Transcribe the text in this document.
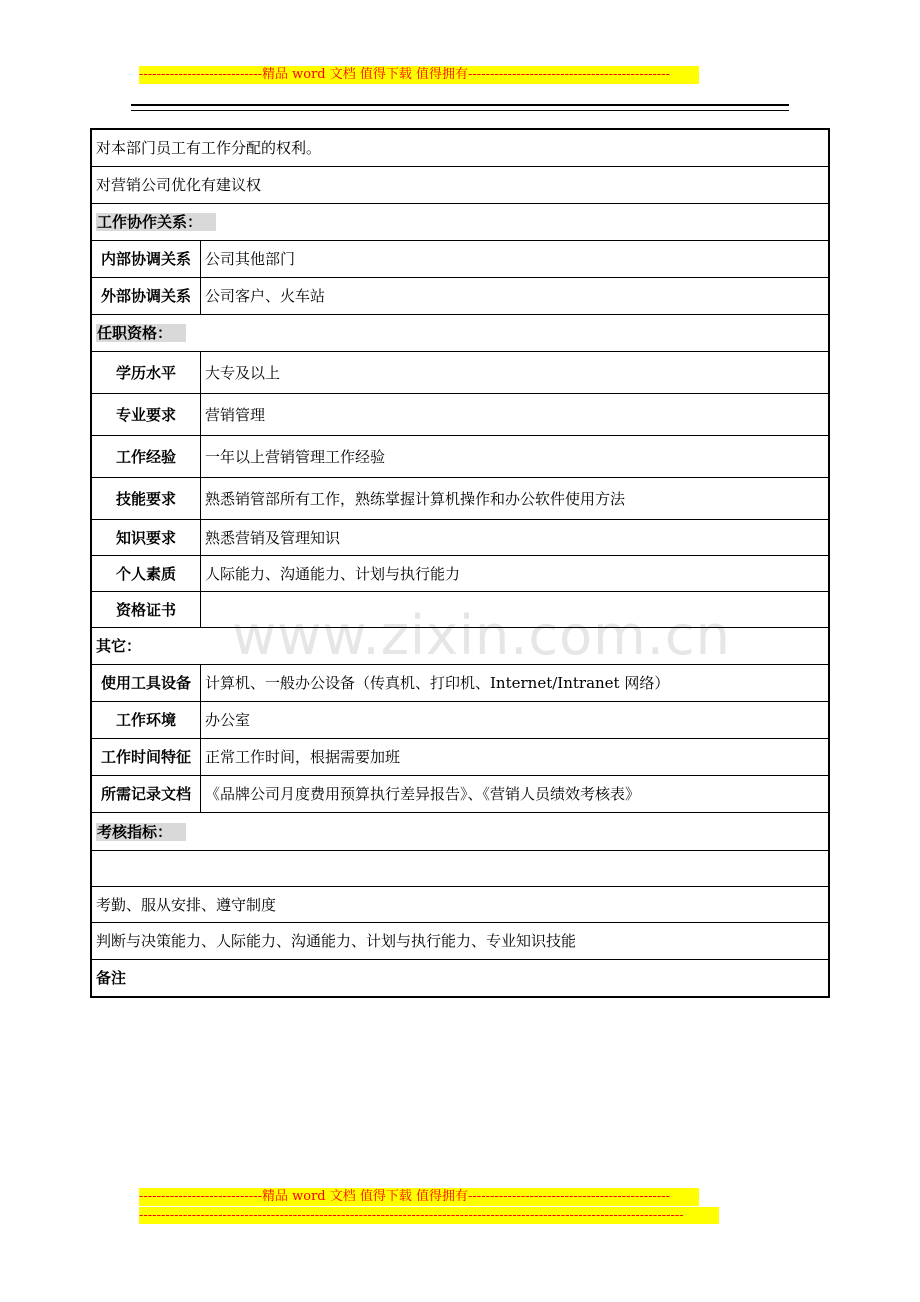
----------------------------精品 word 文档 值得下载 值得拥有----------------------------------------------
www.zixin.com.cn
对本部门员工有工作分配的权利。	
对营销公司优化有建议权	
工作协作关系：	
内部协调关系	公司其他部门
外部协调关系	公司客户、火车站
任职资格：	
学历水平	大专及以上
专业要求	营销管理
工作经验	一年以上营销管理工作经验
技能要求	熟悉销管部所有工作，熟练掌握计算机操作和办公软件使用方法
知识要求	熟悉营销及管理知识
个人素质	人际能力、沟通能力、计划与执行能力
资格证书	
其它：	
使用工具设备	计算机、一般办公设备（传真机、打印机、Internet/Intranet 网络）
工作环境	办公室
工作时间特征	正常工作时间，根据需要加班
所需记录文档	《品牌公司月度费用预算执行差异报告》、《营销人员绩效考核表》
考核指标：	

考勤、服从安排、遵守制度	
判断与决策能力、人际能力、沟通能力、计划与执行能力、专业知识技能	
备注	
----------------------------精品 word 文档 值得下载 值得拥有----------------------------------------------
----------------------------------------------------------------------------------------------------------------------------
